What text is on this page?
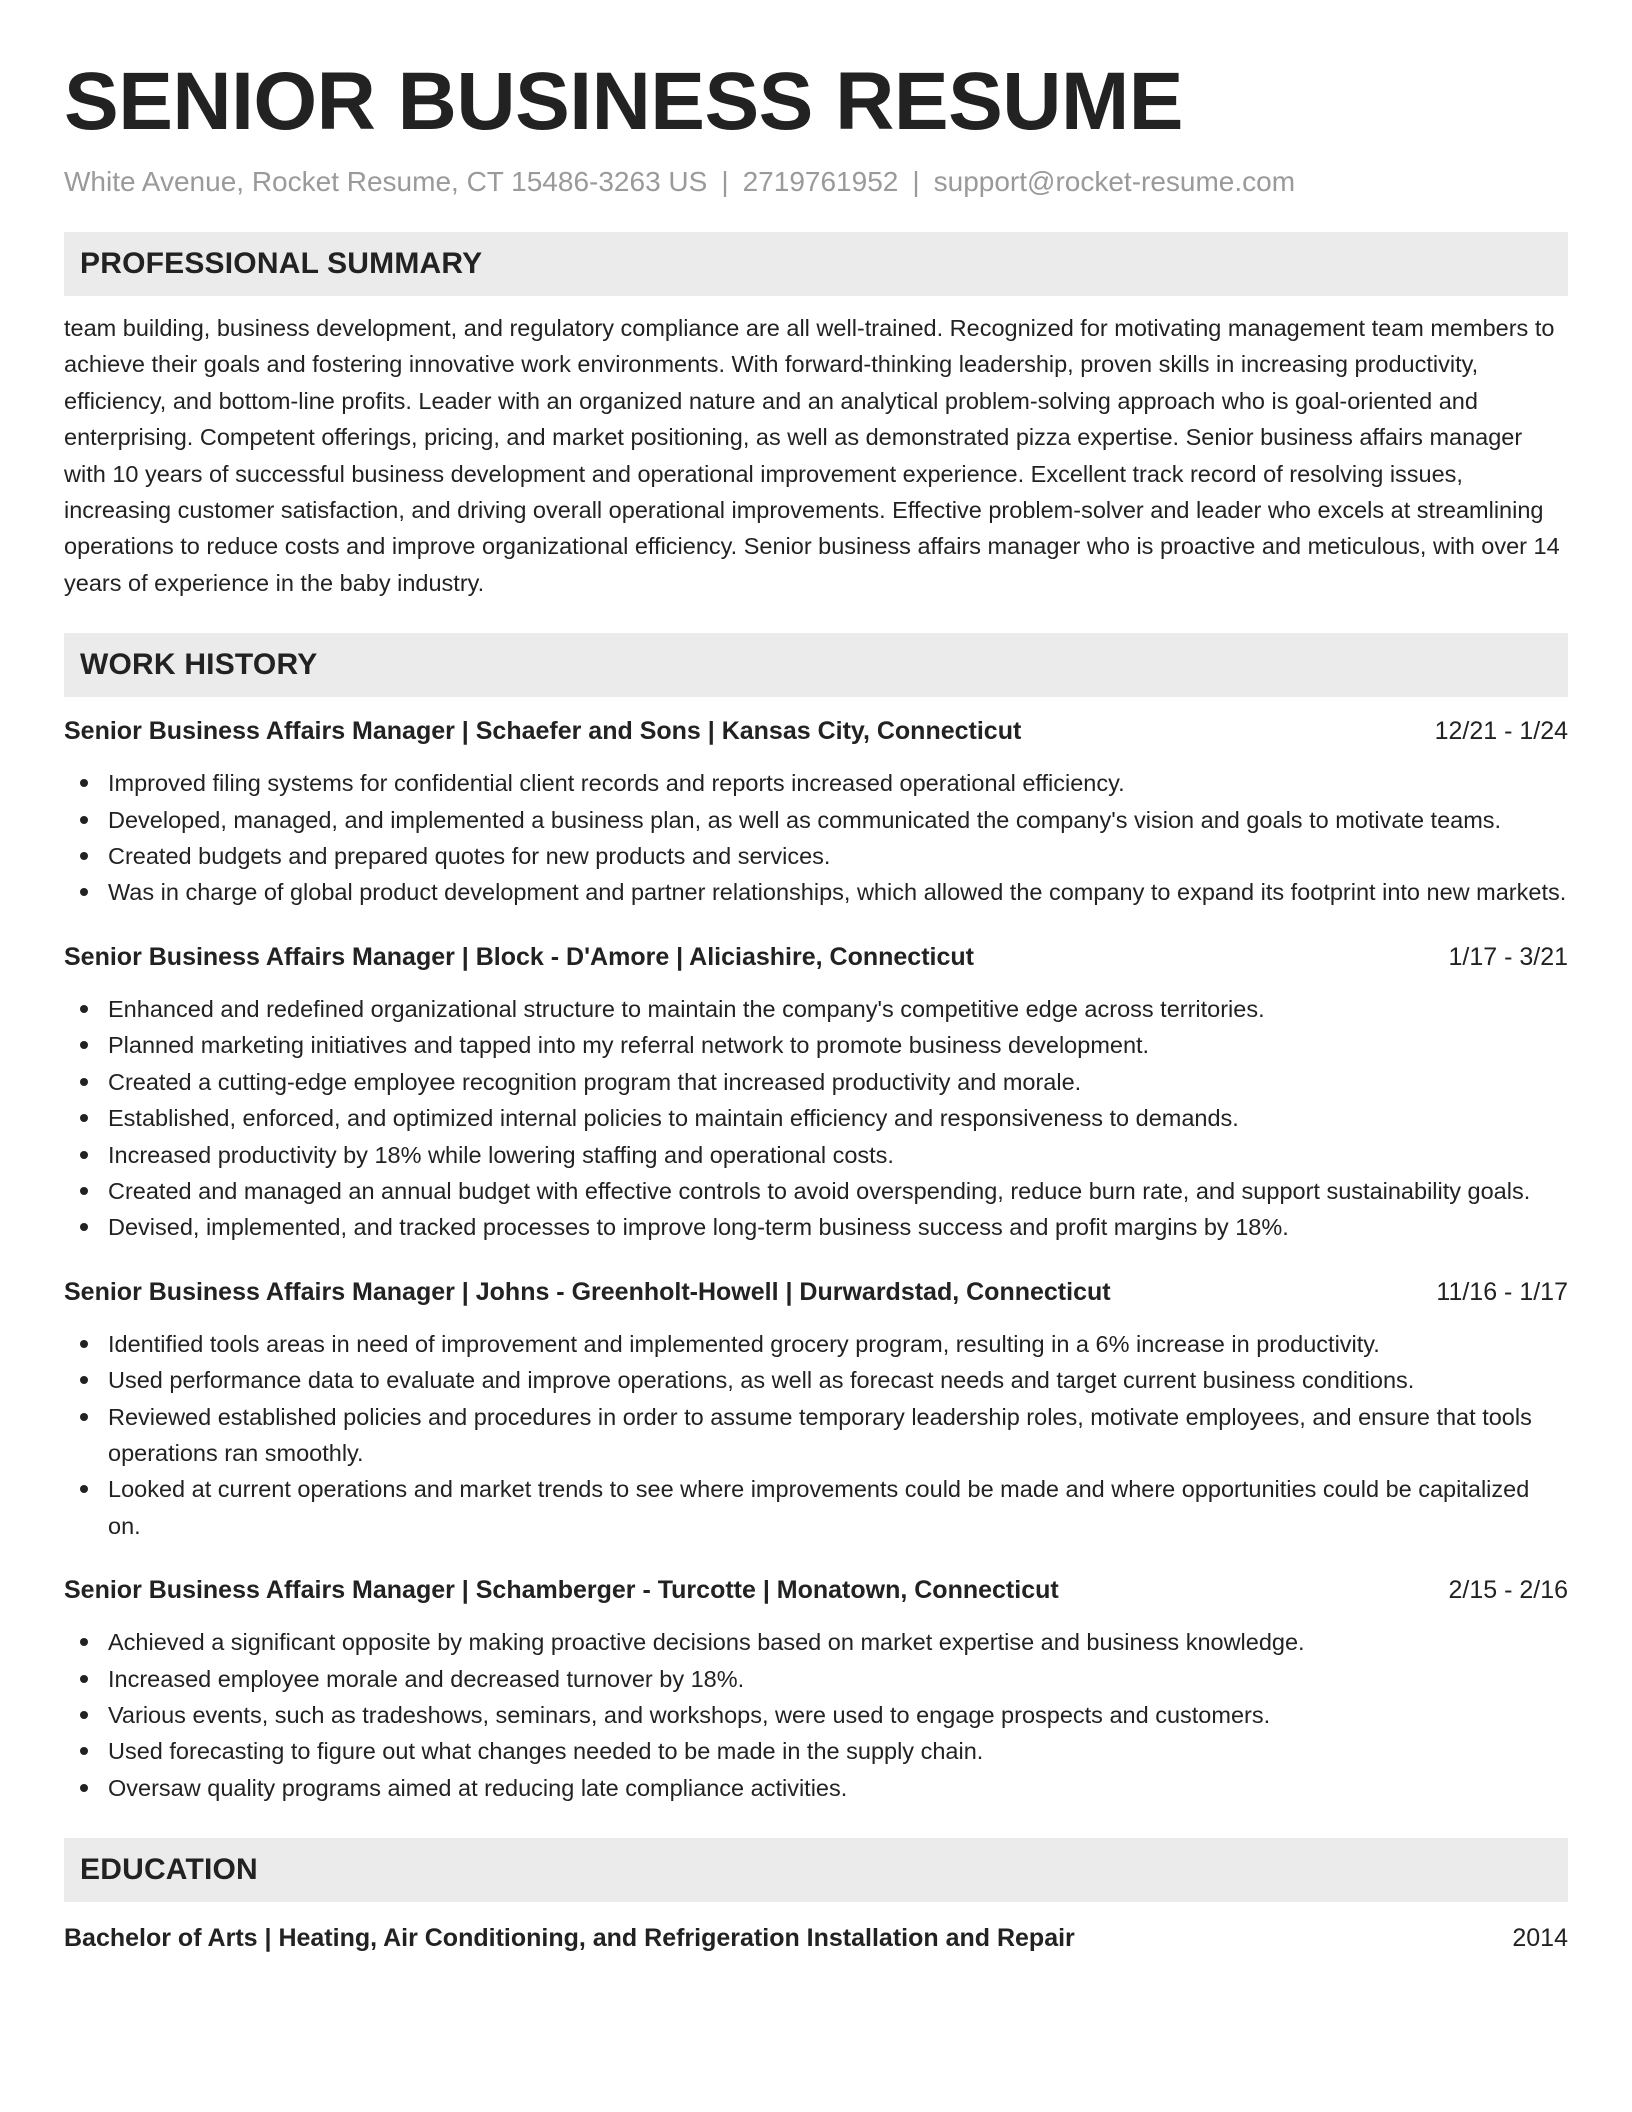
SENIOR BUSINESS RESUME
White Avenue, Rocket Resume, CT 15486-3263 US | 2719761952 | support@rocket-resume.com
PROFESSIONAL SUMMARY
team building, business development, and regulatory compliance are all well-trained. Recognized for motivating management team members to achieve their goals and fostering innovative work environments. With forward-thinking leadership, proven skills in increasing productivity, efficiency, and bottom-line profits. Leader with an organized nature and an analytical problem-solving approach who is goal-oriented and enterprising. Competent offerings, pricing, and market positioning, as well as demonstrated pizza expertise. Senior business affairs manager with 10 years of successful business development and operational improvement experience. Excellent track record of resolving issues, increasing customer satisfaction, and driving overall operational improvements. Effective problem-solver and leader who excels at streamlining operations to reduce costs and improve organizational efficiency. Senior business affairs manager who is proactive and meticulous, with over 14 years of experience in the baby industry.
WORK HISTORY
Senior Business Affairs Manager | Schaefer and Sons | Kansas City, Connecticut	12/21 - 1/24
Improved filing systems for confidential client records and reports increased operational efficiency.
Developed, managed, and implemented a business plan, as well as communicated the company's vision and goals to motivate teams.
Created budgets and prepared quotes for new products and services.
Was in charge of global product development and partner relationships, which allowed the company to expand its footprint into new markets.
Senior Business Affairs Manager | Block - D'Amore | Aliciashire, Connecticut	1/17 - 3/21
Enhanced and redefined organizational structure to maintain the company's competitive edge across territories.
Planned marketing initiatives and tapped into my referral network to promote business development.
Created a cutting-edge employee recognition program that increased productivity and morale.
Established, enforced, and optimized internal policies to maintain efficiency and responsiveness to demands.
Increased productivity by 18% while lowering staffing and operational costs.
Created and managed an annual budget with effective controls to avoid overspending, reduce burn rate, and support sustainability goals.
Devised, implemented, and tracked processes to improve long-term business success and profit margins by 18%.
Senior Business Affairs Manager | Johns - Greenholt-Howell | Durwardstad, Connecticut	11/16 - 1/17
Identified tools areas in need of improvement and implemented grocery program, resulting in a 6% increase in productivity.
Used performance data to evaluate and improve operations, as well as forecast needs and target current business conditions.
Reviewed established policies and procedures in order to assume temporary leadership roles, motivate employees, and ensure that tools operations ran smoothly.
Looked at current operations and market trends to see where improvements could be made and where opportunities could be capitalized on.
Senior Business Affairs Manager | Schamberger - Turcotte | Monatown, Connecticut	2/15 - 2/16
Achieved a significant opposite by making proactive decisions based on market expertise and business knowledge.
Increased employee morale and decreased turnover by 18%.
Various events, such as tradeshows, seminars, and workshops, were used to engage prospects and customers.
Used forecasting to figure out what changes needed to be made in the supply chain.
Oversaw quality programs aimed at reducing late compliance activities.
EDUCATION
Bachelor of Arts | Heating, Air Conditioning, and Refrigeration Installation and Repair	2014
